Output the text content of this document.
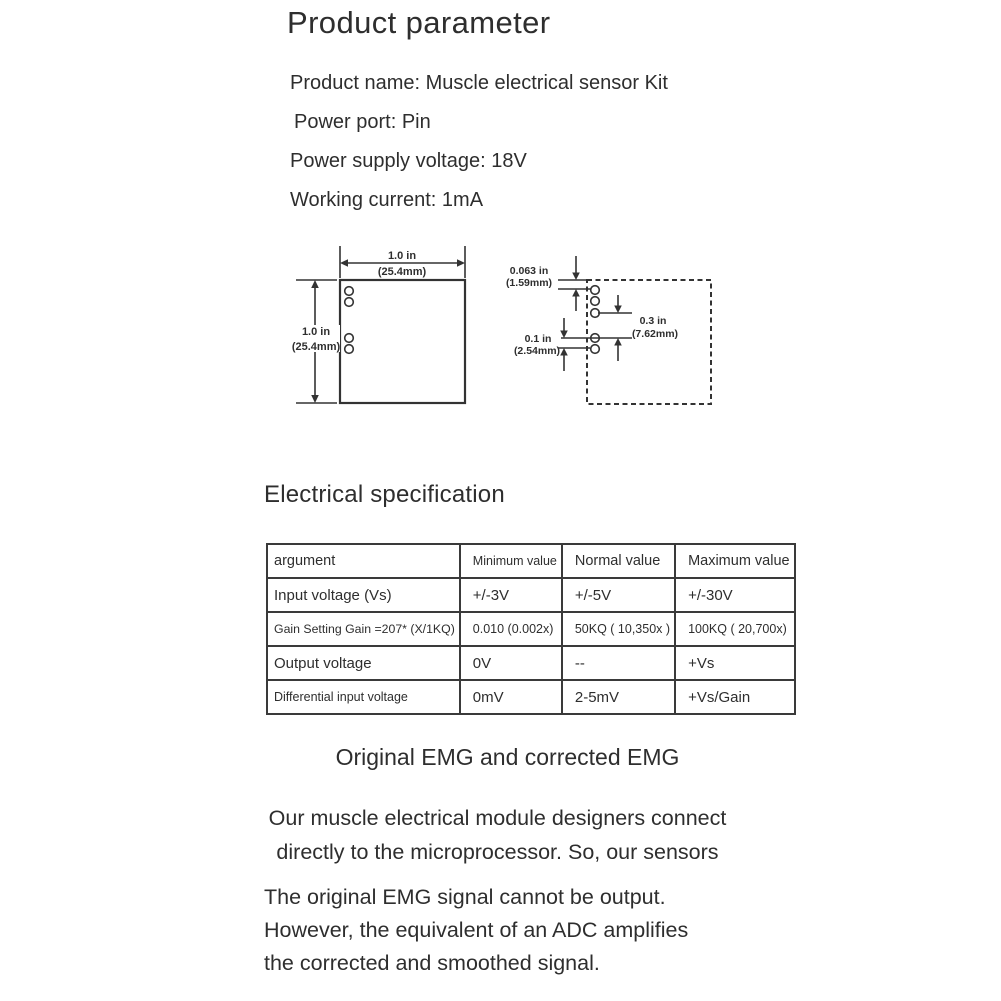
Product parameter
Product name: Muscle electrical sensor Kit
Power port: Pin
Power supply voltage: 18V
Working current: 1mA
1.0 in
(25.4mm)
1.0 in
(25.4mm)
0.063 in
(1.59mm)
0.1 in
(2.54mm)
0.3 in
(7.62mm)
Electrical specification
argument	Minimum value	Normal value	Maximum value
Input voltage (Vs)	+/-3V	+/-5V	+/-30V
Gain Setting Gain =207* (X/1KQ)	0.010 (0.002x)	50KQ ( 10,350x )	100KQ ( 20,700x)
Output voltage	0V	--	+Vs
Differential input voltage	0mV	2-5mV	+Vs/Gain
Original EMG and corrected EMG
Our muscle electrical module designers connect
directly to the microprocessor. So, our sensors
The original EMG signal cannot be output.
However, the equivalent of an ADC amplifies
the corrected and smoothed signal.
